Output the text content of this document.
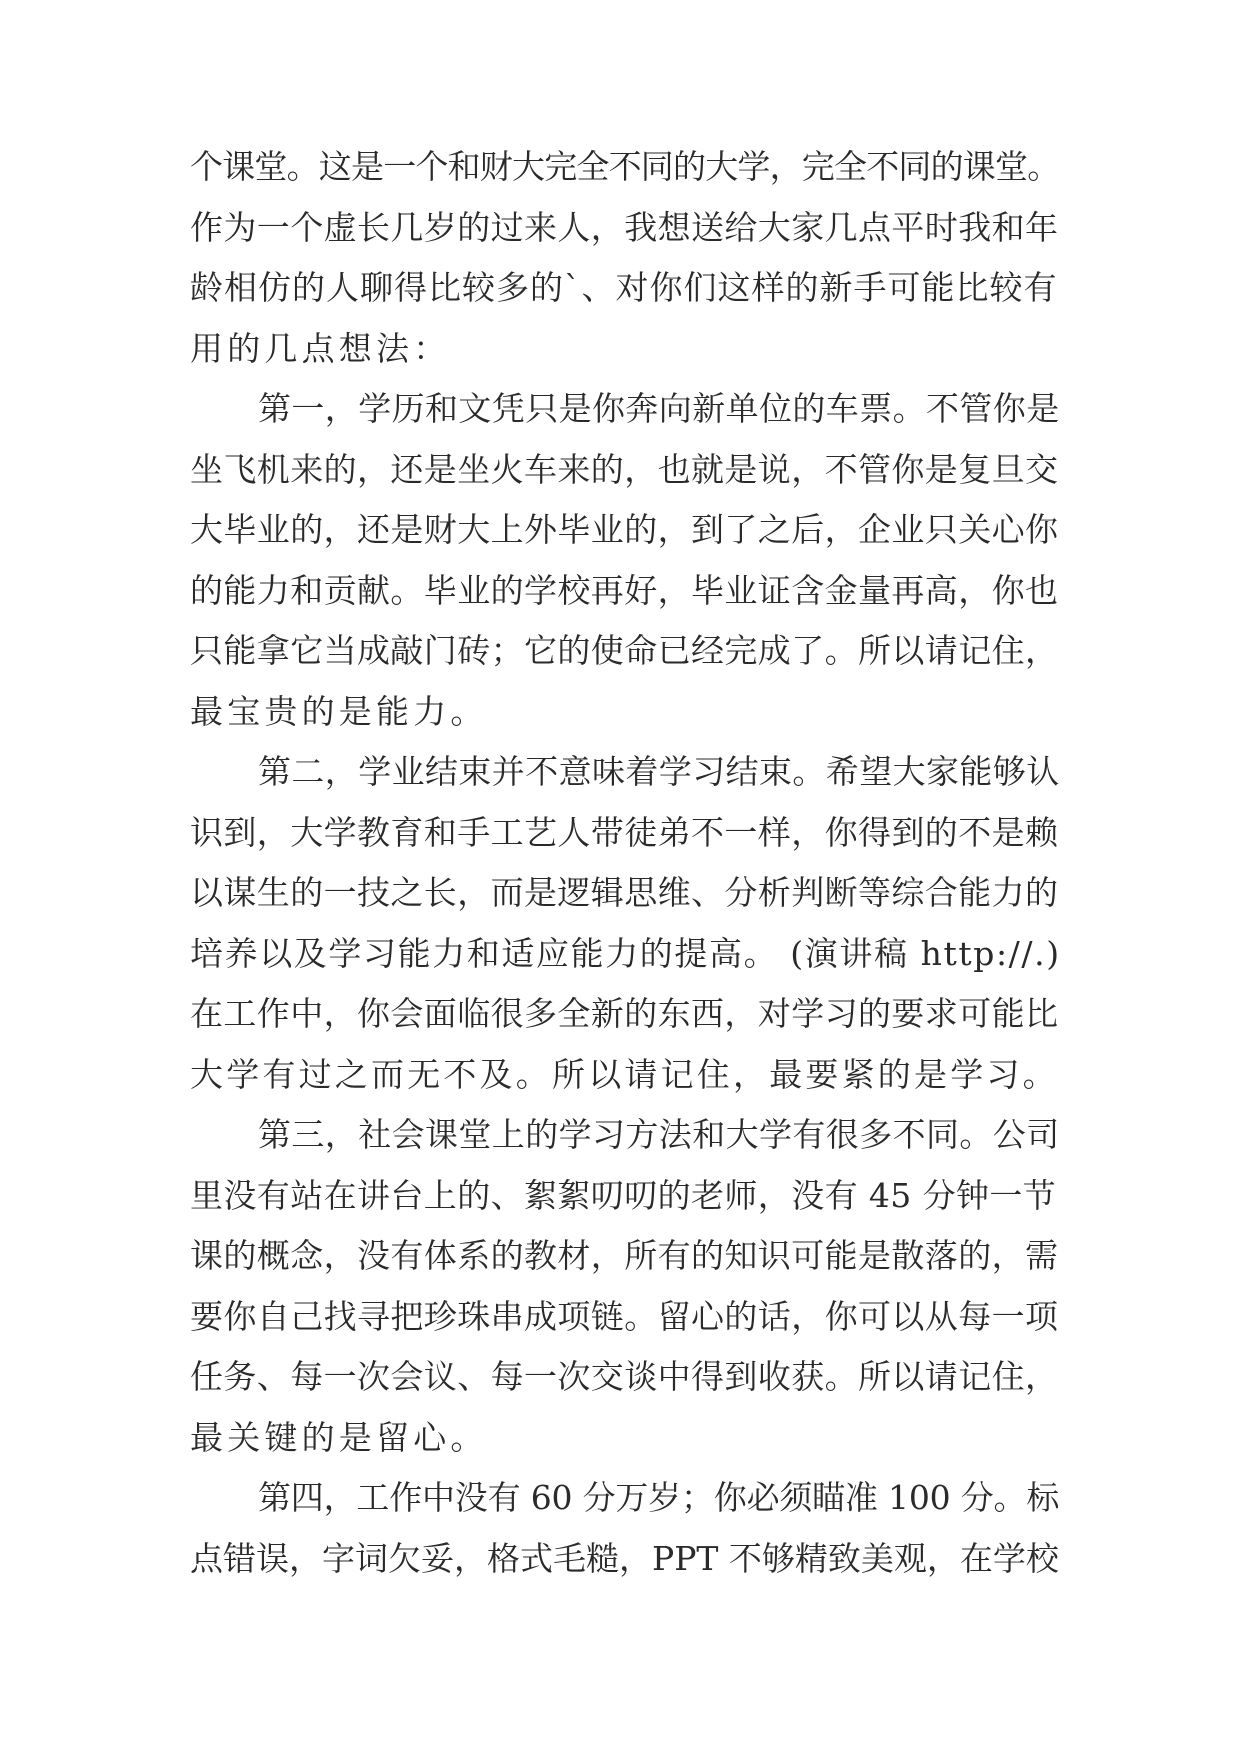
个课堂。这是一个和财大完全不同的大学，完全不同的课堂。
作为一个虚长几岁的过来人，我想送给大家几点平时我和年
龄相仿的人聊得比较多的`、对你们这样的新手可能比较有
用的几点想法：
第一，学历和文凭只是你奔向新单位的车票。不管你是
坐飞机来的，还是坐火车来的，也就是说，不管你是复旦交
大毕业的，还是财大上外毕业的，到了之后，企业只关心你
的能力和贡献。毕业的学校再好，毕业证含金量再高，你也
只能拿它当成敲门砖；它的使命已经完成了。所以请记住，
最宝贵的是能力。
第二，学业结束并不意味着学习结束。希望大家能够认
识到，大学教育和手工艺人带徒弟不一样，你得到的不是赖
以谋生的一技之长，而是逻辑思维、分析判断等综合能力的
培养以及学习能力和适应能力的提高。 (演讲稿 http://.)
在工作中，你会面临很多全新的东西，对学习的要求可能比
大学有过之而无不及。所以请记住，最要紧的是学习。
第三，社会课堂上的学习方法和大学有很多不同。公司
里没有站在讲台上的、絮絮叨叨的老师，没有 45 分钟一节
课的概念，没有体系的教材，所有的知识可能是散落的，需
要你自己找寻把珍珠串成项链。留心的话，你可以从每一项
任务、每一次会议、每一次交谈中得到收获。所以请记住，
最关键的是留心。
第四，工作中没有 60 分万岁；你必须瞄准 100 分。标
点错误，字词欠妥，格式毛糙，PPT 不够精致美观，在学校
